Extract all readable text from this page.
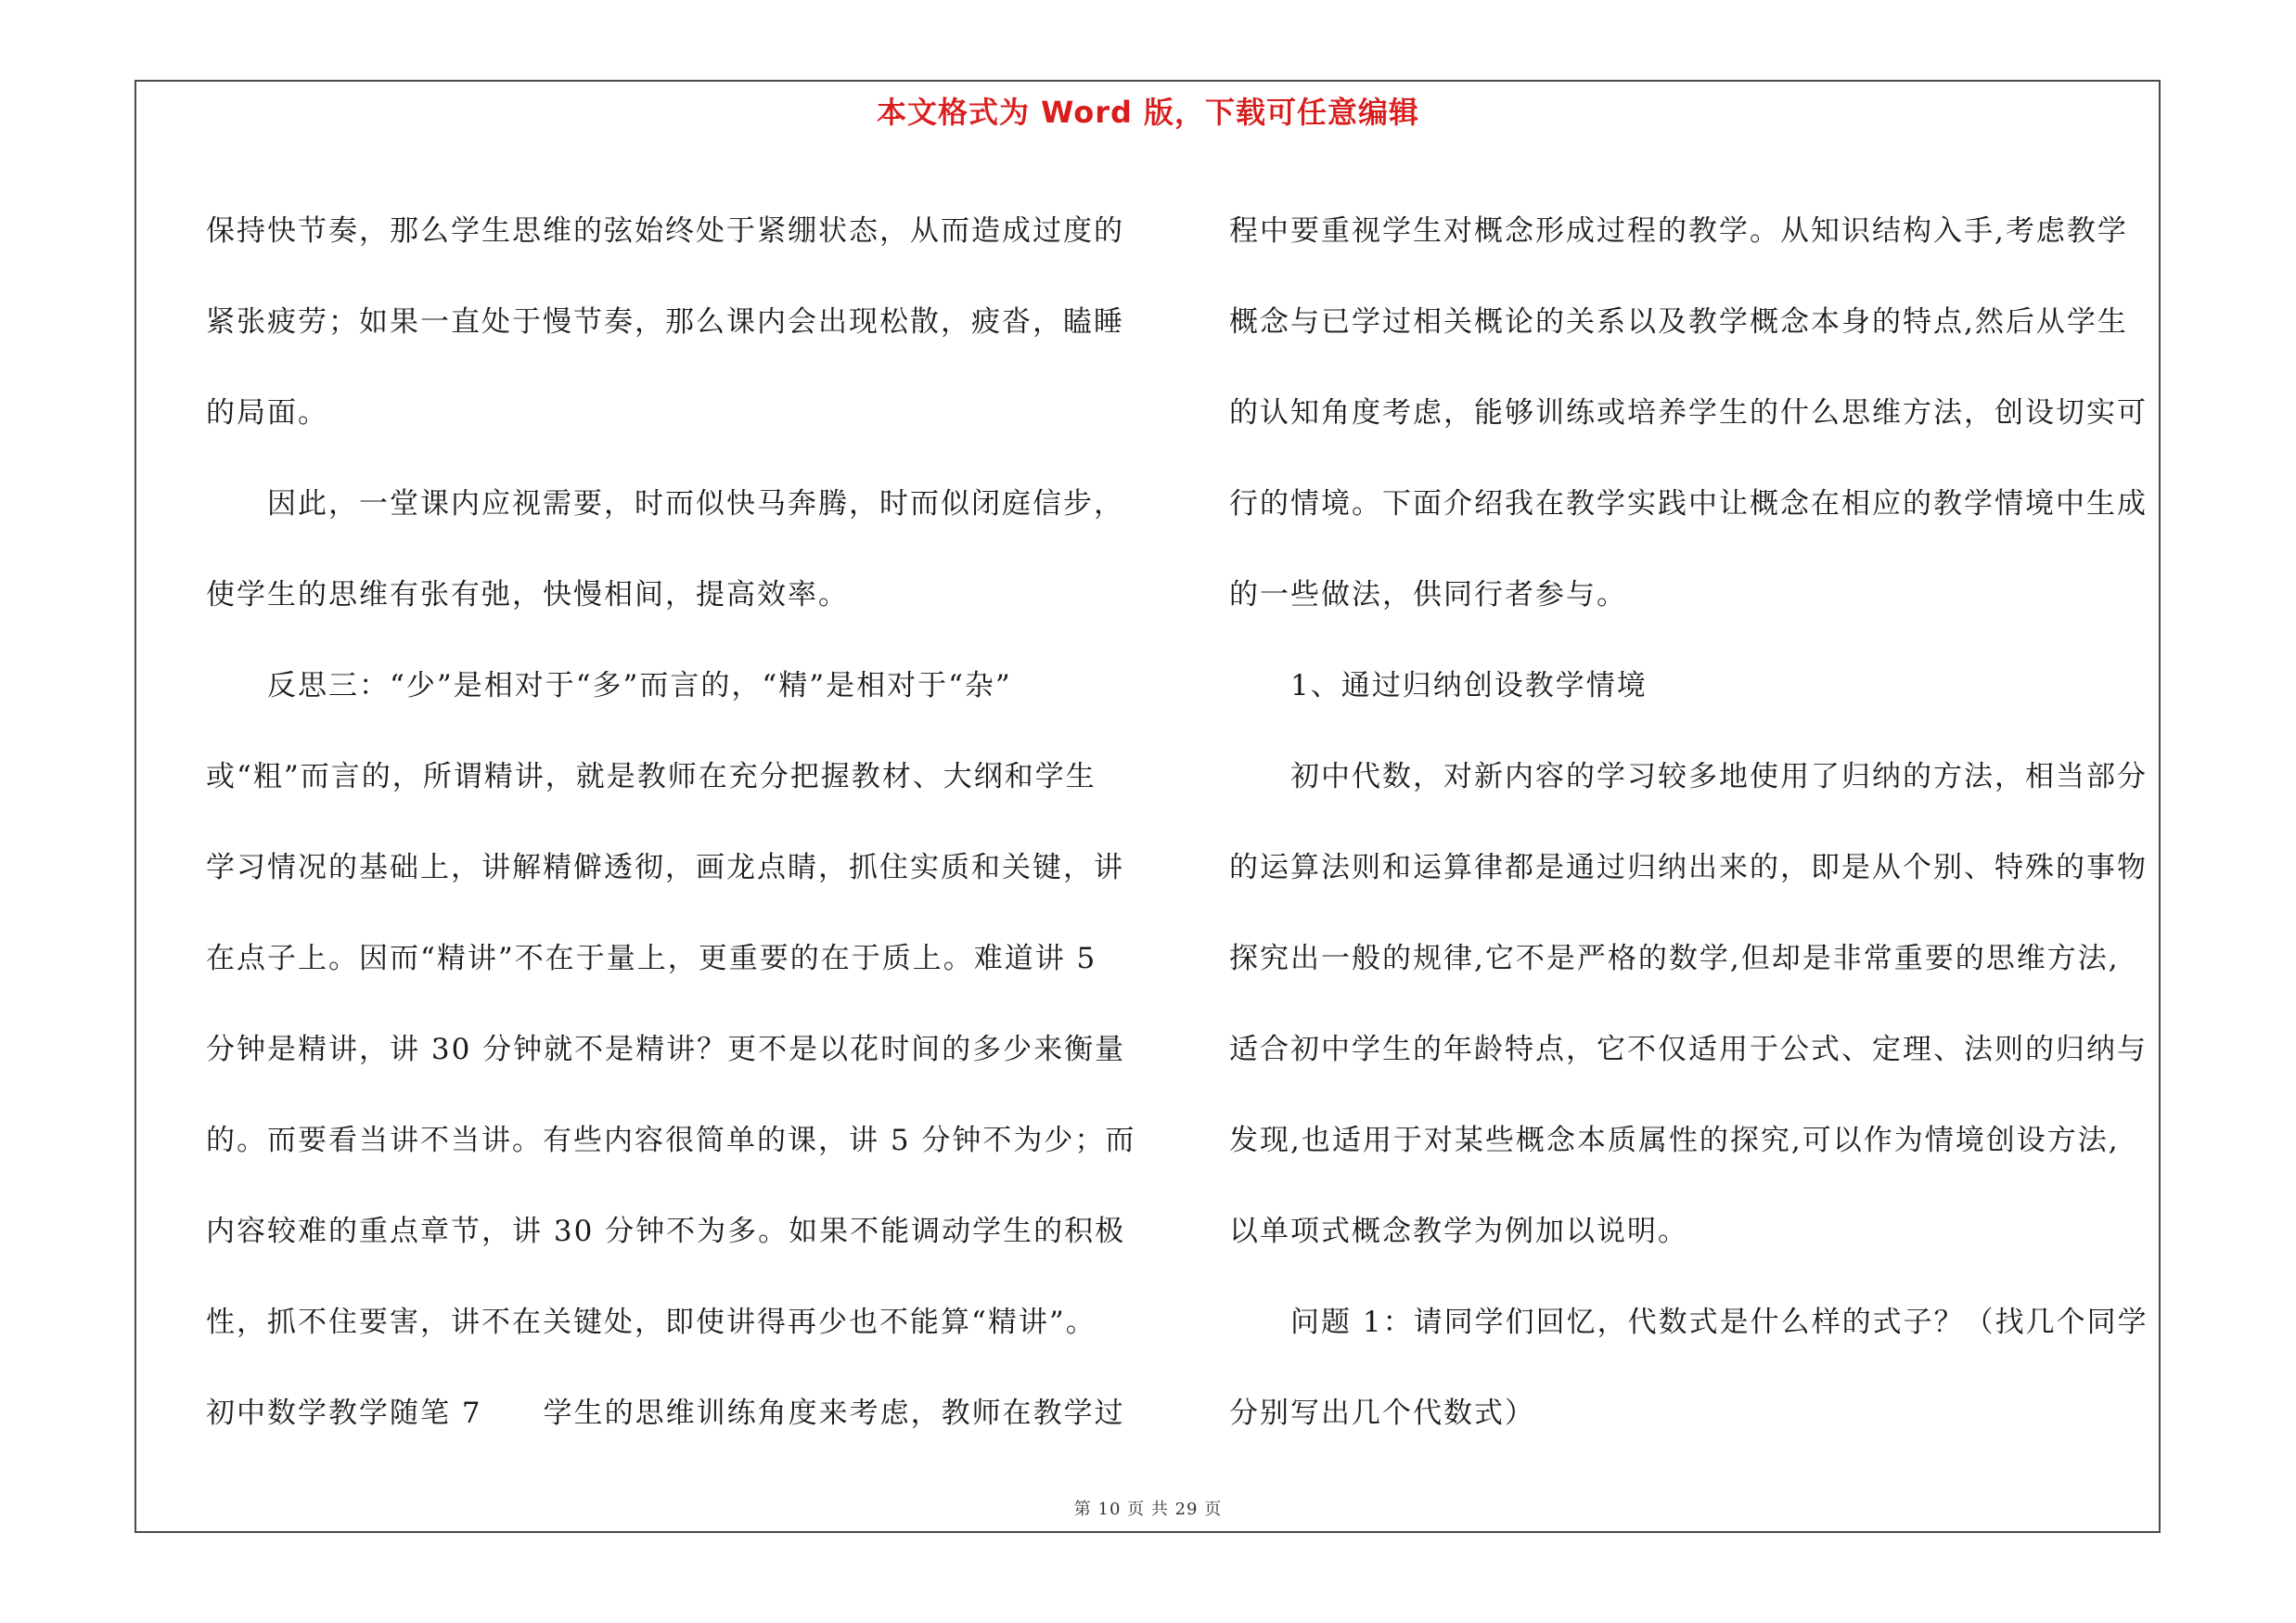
本文格式为 Word 版，下载可任意编辑
保持快节奏，那么学生思维的弦始终处于紧绷状态，从而造成过度的
紧张疲劳；如果一直处于慢节奏，那么课内会出现松散，疲沓，瞌睡
的局面。
　　因此，一堂课内应视需要，时而似快马奔腾，时而似闭庭信步，
使学生的思维有张有弛，快慢相间，提高效率。
　　反思三：“少”是相对于“多”而言的，“精”是相对于“杂”
或“粗”而言的，所谓精讲，就是教师在充分把握教材、大纲和学生
学习情况的基础上，讲解精僻透彻，画龙点睛，抓住实质和关键，讲
在点子上。因而“精讲”不在于量上，更重要的在于质上。难道讲 5
分钟是精讲，讲 30 分钟就不是精讲？更不是以花时间的多少来衡量
的。而要看当讲不当讲。有些内容很简单的课，讲 5 分钟不为少；而
内容较难的重点章节，讲 30 分钟不为多。如果不能调动学生的积极
性，抓不住要害，讲不在关键处，即使讲得再少也不能算“精讲”。
初中数学教学随笔 7　　学生的思维训练角度来考虑，教师在教学过
程中要重视学生对概念形成过程的教学。从知识结构入手,考虑教学
概念与已学过相关概论的关系以及教学概念本身的特点,然后从学生
的认知角度考虑，能够训练或培养学生的什么思维方法，创设切实可
行的情境。下面介绍我在教学实践中让概念在相应的教学情境中生成
的一些做法，供同行者参与。
　　1、通过归纳创设教学情境
　　初中代数，对新内容的学习较多地使用了归纳的方法，相当部分
的运算法则和运算律都是通过归纳出来的，即是从个别、特殊的事物
探究出一般的规律,它不是严格的数学,但却是非常重要的思维方法,
适合初中学生的年龄特点，它不仅适用于公式、定理、法则的归纳与
发现,也适用于对某些概念本质属性的探究,可以作为情境创设方法,
以单项式概念教学为例加以说明。
　　问题 1：请同学们回忆，代数式是什么样的式子？（找几个同学
分别写出几个代数式）
第 10 页 共 29 页
